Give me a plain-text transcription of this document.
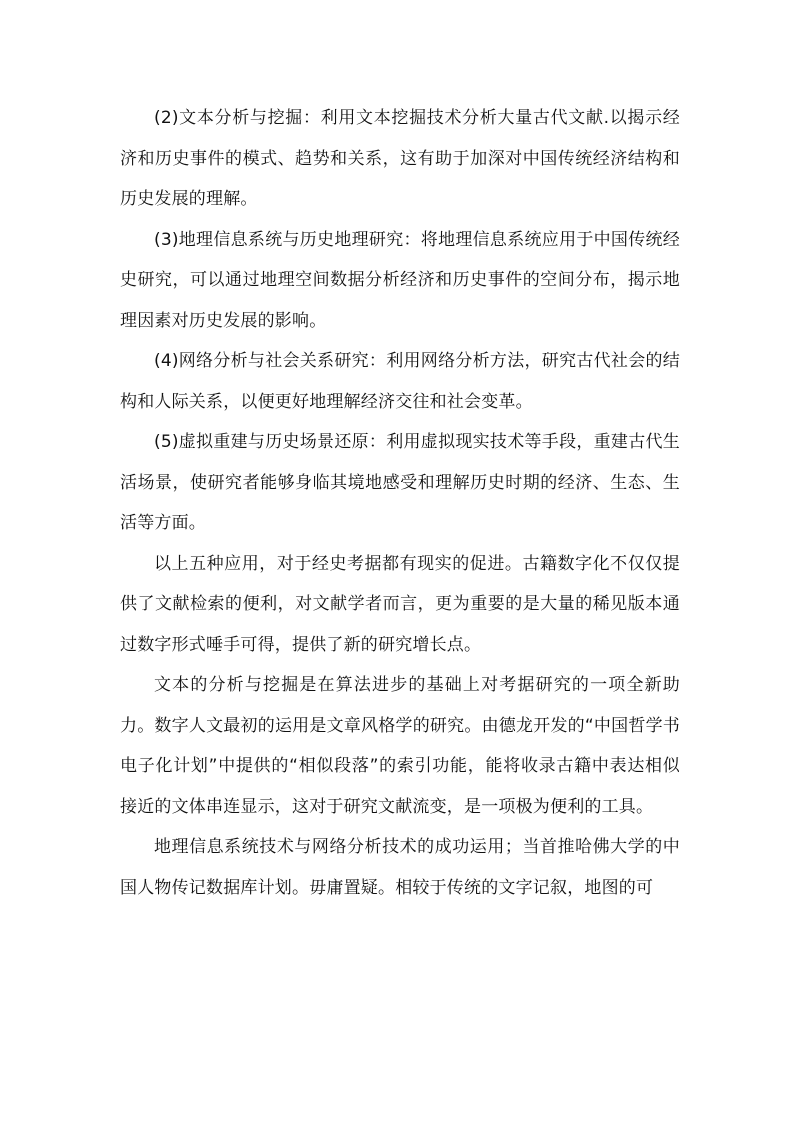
(2)文本分析与挖掘：利用文本挖掘技术分析大量古代文献.以揭示经济和历史事件的模式、趋势和关系，这有助于加深对中国传统经济结构和历史发展的理解。

(3)地理信息系统与历史地理研究：将地理信息系统应用于中国传统经史研究，可以通过地理空间数据分析经济和历史事件的空间分布，揭示地理因素对历史发展的影响。

(4)网络分析与社会关系研究：利用网络分析方法，研究古代社会的结构和人际关系，以便更好地理解经济交往和社会变革。

(5)虚拟重建与历史场景还原：利用虚拟现实技术等手段，重建古代生活场景，使研究者能够身临其境地感受和理解历史时期的经济、生态、生活等方面。

以上五种应用，对于经史考据都有现实的促进。古籍数字化不仅仅提供了文献检索的便利，对文献学者而言，更为重要的是大量的稀见版本通过数字形式唾手可得，提供了新的研究增长点。

文本的分析与挖掘是在算法进步的基础上对考据研究的一项全新助力。数字人文最初的运用是文章风格学的研究。由德龙开发的“中国哲学书电子化计划”中提供的“相似段落”的索引功能，能将收录古籍中表达相似接近的文体串连显示，这对于研究文献流变，是一项极为便利的工具。

地理信息系统技术与网络分析技术的成功运用；当首推哈佛大学的中国人物传记数据库计划。毋庸置疑。相较于传统的文字记叙，地图的可
